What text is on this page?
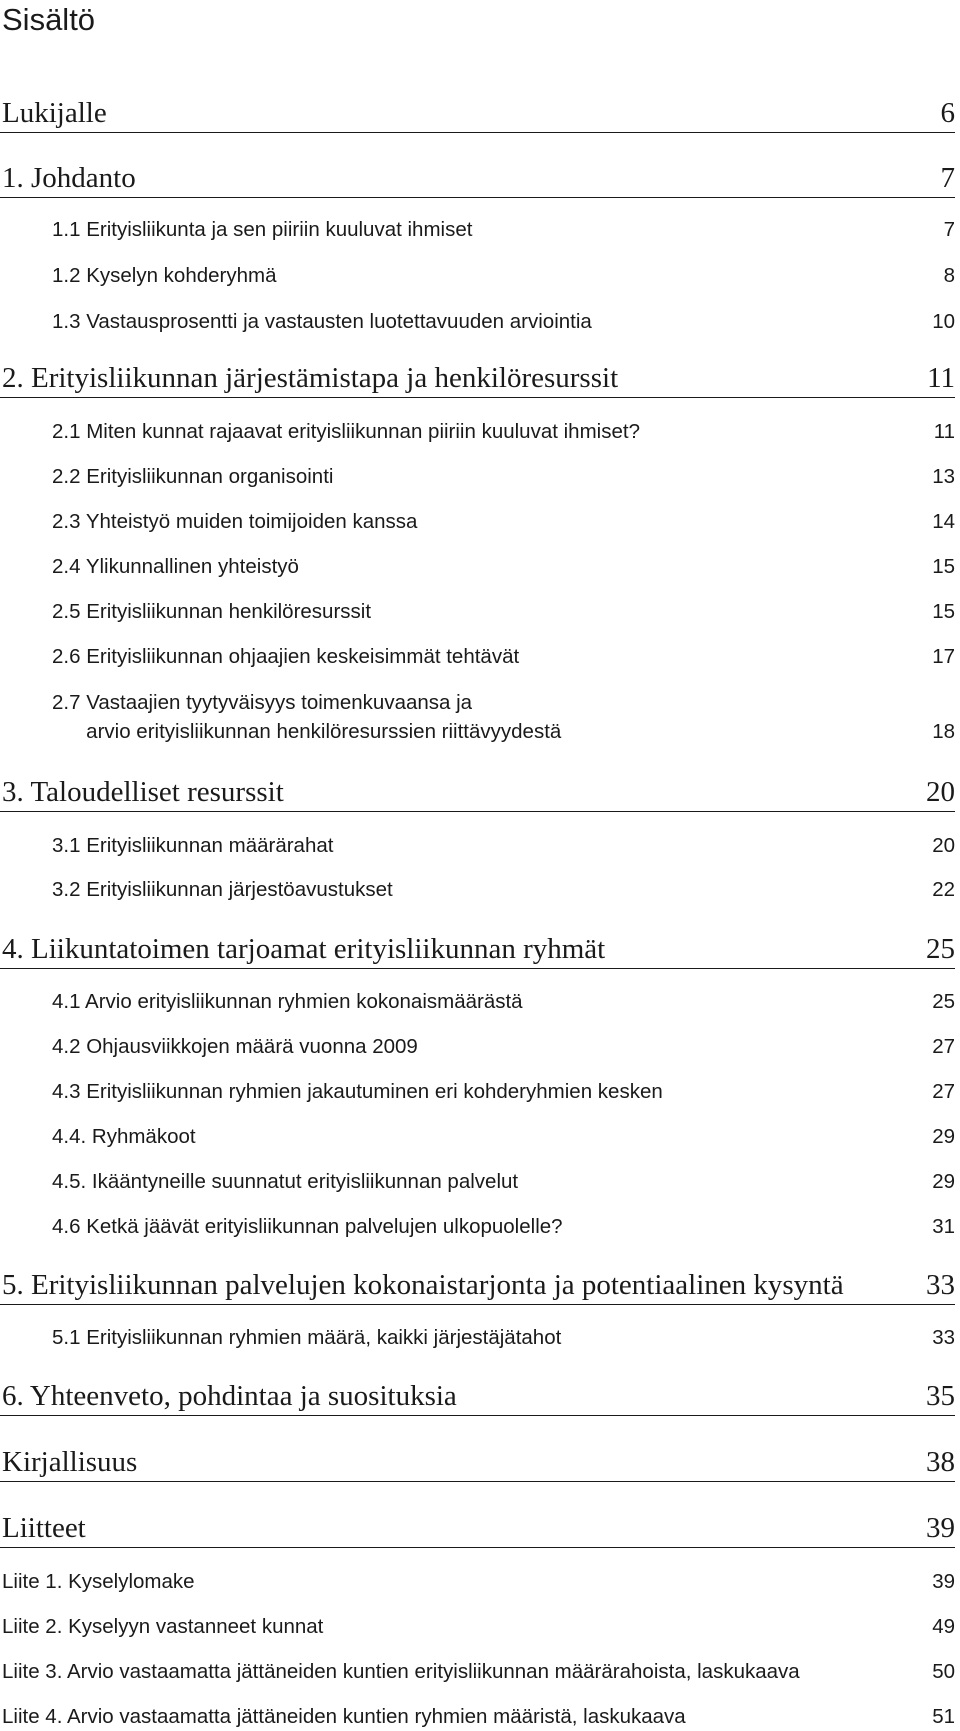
Sisältö
Lukijalle	6
1. Johdanto	7
1.1 Erityisliikunta ja sen piiriin kuuluvat ihmiset	7
1.2 Kyselyn kohderyhmä	8
1.3 Vastausprosentti ja vastausten luotettavuuden arviointia	10
2. Erityisliikunnan järjestämistapa ja henkilöresurssit	11
2.1 Miten kunnat rajaavat erityisliikunnan piiriin kuuluvat ihmiset?	11
2.2 Erityisliikunnan organisointi	13
2.3 Yhteistyö muiden toimijoiden kanssa	14
2.4 Ylikunnallinen yhteistyö	15
2.5 Erityisliikunnan henkilöresurssit	15
2.6 Erityisliikunnan ohjaajien keskeisimmät tehtävät	17
2.7 Vastaajien tyytyväisyys toimenkuvaansa ja
arvio erityisliikunnan henkilöresurssien riittävyydestä	18
3. Taloudelliset resurssit	20
3.1 Erityisliikunnan määrärahat	20
3.2 Erityisliikunnan järjestöavustukset	22
4. Liikuntatoimen tarjoamat erityisliikunnan ryhmät	25
4.1 Arvio erityisliikunnan ryhmien kokonaismäärästä	25
4.2 Ohjausviikkojen määrä vuonna 2009	27
4.3 Erityisliikunnan ryhmien jakautuminen eri kohderyhmien kesken	27
4.4. Ryhmäkoot	29
4.5. Ikääntyneille suunnatut erityisliikunnan palvelut	29
4.6 Ketkä jäävät erityisliikunnan palvelujen ulkopuolelle?	31
5. Erityisliikunnan palvelujen kokonaistarjonta ja potentiaalinen kysyntä	33
5.1 Erityisliikunnan ryhmien määrä, kaikki järjestäjätahot	33
6. Yhteenveto, pohdintaa ja suosituksia	35
Kirjallisuus	38
Liitteet	39
Liite 1. Kyselylomake	39
Liite 2. Kyselyyn vastanneet kunnat	49
Liite 3. Arvio vastaamatta jättäneiden kuntien erityisliikunnan määrärahoista, laskukaava	50
Liite 4. Arvio vastaamatta jättäneiden kuntien ryhmien määristä, laskukaava	51
